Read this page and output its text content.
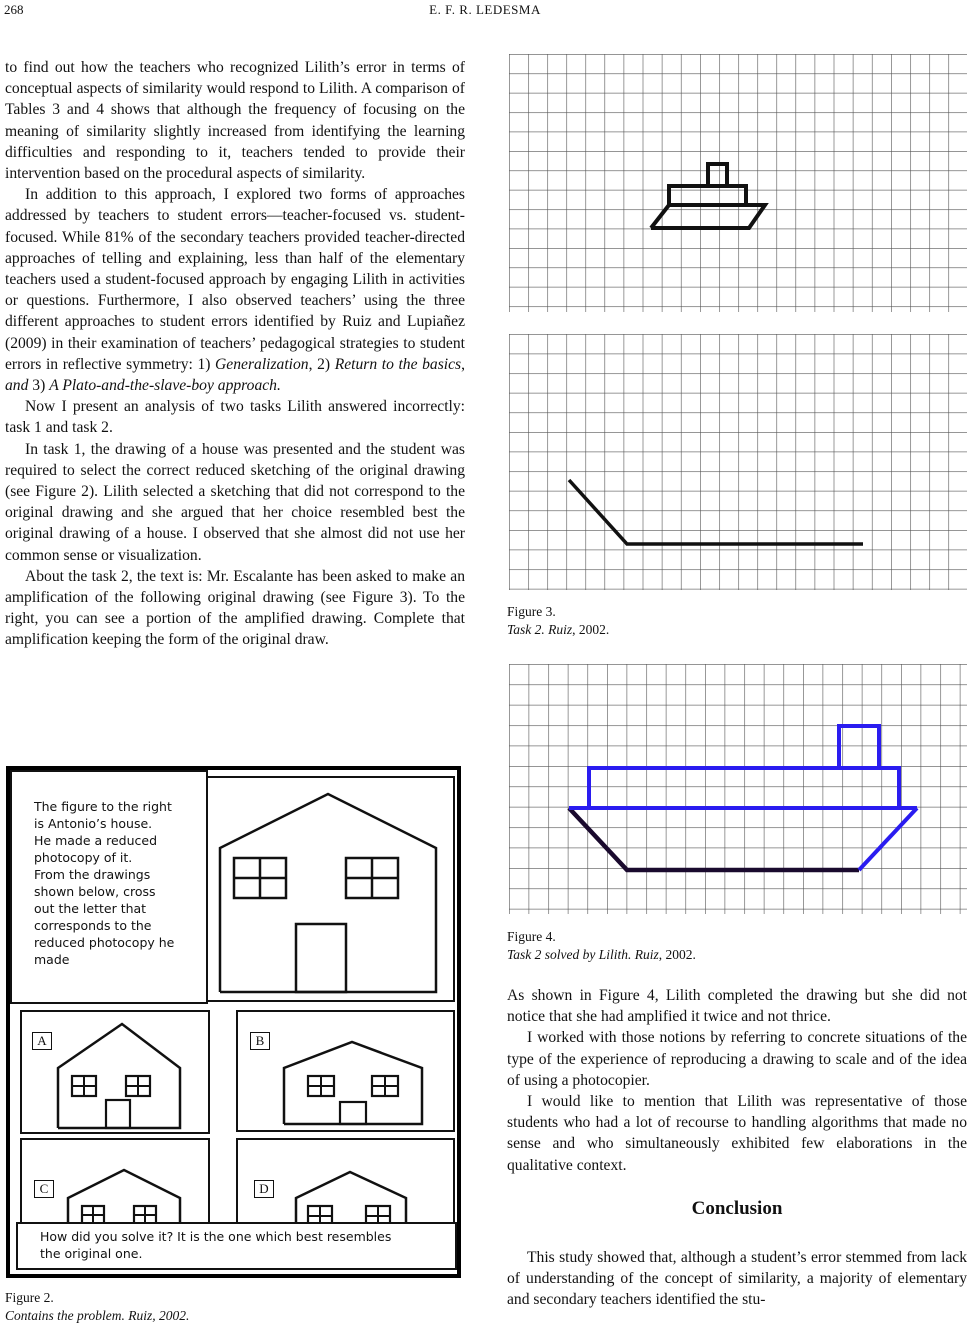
268	E. F. R. LEDESMA

to find out how the teachers who recognized Lilith’s error in terms of conceptual aspects of similarity would respond to Lilith. A comparison of Tables 3 and 4 shows that although the frequency of focusing on the meaning of similarity slightly increased from identifying the learning difficulties and responding to it, teachers tended to provide their intervention based on the procedural aspects of similarity.

In addition to this approach, I explored two forms of approaches addressed by teachers to student errors—teacher-focused vs. student-focused. While 81% of the secondary teachers provided teacher-directed approaches of telling and explaining, less than half of the elementary teachers used a student-focused approach by engaging Lilith in activities or questions. Furthermore, I also observed teachers’ using the three different approaches to student errors identified by Ruiz and Lupiañez (2009) in their examination of teachers’ pedagogical strategies to student errors in reflective symmetry: 1) Generalization, 2) Return to the basics, and 3) A Plato-and-the-slave-boy approach.

Now I present an analysis of two tasks Lilith answered incorrectly: task 1 and task 2.

In task 1, the drawing of a house was presented and the student was required to select the correct reduced sketching of the original drawing (see Figure 2). Lilith selected a sketching that did not correspond to the original drawing and she argued that her choice resembled best the original drawing of a house. I observed that she almost did not use her common sense or visualization.

About the task 2, the text is: Mr. Escalante has been asked to make an amplification of the following original drawing (see Figure 3). To the right, you can see a portion of the amplified drawing. Complete that amplification keeping the form of the original draw.

The figure to the right
is Antonio’s house.
He made a reduced
photocopy of it.
From the drawings
shown below, cross
out the letter that
corresponds to the
reduced photocopy he
made
A	B
C	D
How did you solve it? It is the one which best resembles
the original one.
Figure 2.
Contains the problem. Ruiz, 2002.
Figure 3.
Task 2. Ruiz, 2002.
Figure 4.
Task 2 solved by Lilith. Ruiz, 2002.

As shown in Figure 4, Lilith completed the drawing but she did not notice that she had amplified it twice and not thrice.

I worked with those notions by referring to concrete situations of the type of the experience of reproducing a drawing to scale and of the idea of using a photocopier.

I would like to mention that Lilith was representative of those students who had a lot of recourse to handling algorithms that made no sense and who simultaneously exhibited few elaborations in the qualitative context.

Conclusion

This study showed that, although a student’s error stemmed from lack of understanding of the concept of similarity, a majority of elementary and secondary teachers identified the stu-
